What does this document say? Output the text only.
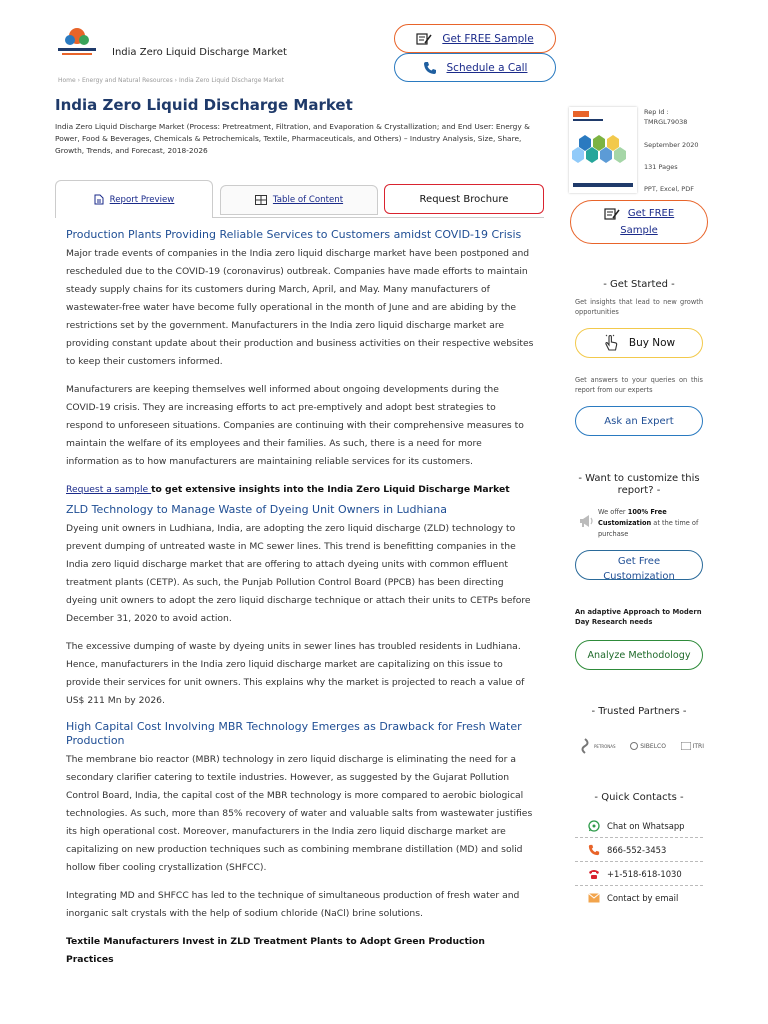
India Zero Liquid Discharge Market
Get FREE Sample
Schedule a Call
Home › Energy and Natural Resources › India Zero Liquid Discharge Market
India Zero Liquid Discharge Market
India Zero Liquid Discharge Market (Process: Pretreatment, Filtration, and Evaporation & Crystallization; and End User: Energy & Power, Food & Beverages, Chemicals & Petrochemicals, Textile, Pharmaceuticals, and Others) – Industry Analysis, Size, Share, Growth, Trends, and Forecast, 2018-2026
Report Preview	Table of Content	Request Brochure
Production Plants Providing Reliable Services to Customers amidst COVID-19 Crisis

Major trade events of companies in the India zero liquid discharge market have been postponed and rescheduled due to the COVID-19 (coronavirus) outbreak. Companies have made efforts to maintain steady supply chains for its customers during March, April, and May. Many manufacturers of wastewater-free water have become fully operational in the month of June and are abiding by the restrictions set by the government. Manufacturers in the India zero liquid discharge market are providing constant update about their production and business activities on their respective websites to keep their customers informed.

Manufacturers are keeping themselves well informed about ongoing developments during the COVID-19 crisis. They are increasing efforts to act pre-emptively and adopt best strategies to respond to unforeseen situations. Companies are continuing with their comprehensive measures to maintain the welfare of its employees and their families. As such, there is a need for more information as to how manufacturers are maintaining reliable services for its customers.

Request a sample to get extensive insights into the India Zero Liquid Discharge Market
ZLD Technology to Manage Waste of Dyeing Unit Owners in Ludhiana

Dyeing unit owners in Ludhiana, India, are adopting the zero liquid discharge (ZLD) technology to prevent dumping of untreated waste in MC sewer lines. This trend is benefitting companies in the India zero liquid discharge market that are offering to attach dyeing units with common effluent treatment plants (CETP). As such, the Punjab Pollution Control Board (PPCB) has been directing dyeing unit owners to adopt the zero liquid discharge technique or attach their units to CETPs before December 31, 2020 to avoid action.

The excessive dumping of waste by dyeing units in sewer lines has troubled residents in Ludhiana. Hence, manufacturers in the India zero liquid discharge market are capitalizing on this issue to provide their services for unit owners. This explains why the market is projected to reach a value of US$ 211 Mn by 2026.

High Capital Cost Involving MBR Technology Emerges as Drawback for Fresh Water Production

The membrane bio reactor (MBR) technology in zero liquid discharge is eliminating the need for a secondary clarifier catering to textile industries. However, as suggested by the Gujarat Pollution Control Board, India, the capital cost of the MBR technology is more compared to aerobic biological technologies. As such, more than 85% recovery of water and valuable salts from wastewater justifies its high operational cost. Moreover, manufacturers in the India zero liquid discharge market are capitalizing on new production techniques such as combining membrane distillation (MD) and solid hollow fiber cooling crystallization (SHFCC).

Integrating MD and SHFCC has led to the technique of simultaneous production of fresh water and inorganic salt crystals with the help of sodium chloride (NaCl) brine solutions.

Textile Manufacturers Invest in ZLD Treatment Plants to Adopt Green Production Practices
Rep Id :
TMRGL79038
September 2020
131 Pages
PPT, Excel, PDF
Get FREE
Sample
- Get Started -
Get insights that lead to new growth opportunities
Buy Now
Get answers to your queries on this report from our experts
Ask an Expert
- Want to customize this report? -
We offer 100% Free Customization at the time of purchase
Get Free
Customization
An adaptive Approach to Modern Day Research needs
Analyze Methodology
- Trusted Partners -
PETRONAS	SIBELCO	ITRI
- Quick Contacts -
Chat on Whatsapp
866-552-3453
+1-518-618-1030
Contact by email
